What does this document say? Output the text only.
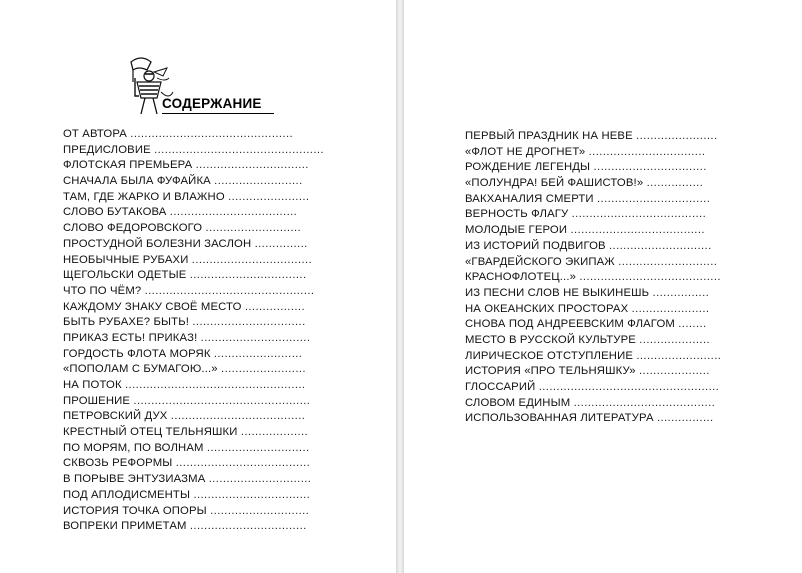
СОДЕРЖАНИЕ
ОТ АВТОРА ..............................................
ПРЕДИСЛОВИЕ ................................................
ФЛОТСКАЯ ПРЕМЬЕРА ................................
СНАЧАЛА БЫЛА ФУФАЙКА .........................
ТАМ, ГДЕ ЖАРКО И ВЛАЖНО .......................
СЛОВО БУТАКОВА ....................................
СЛОВО ФЕДОРОВСКОГО ...........................
ПРОСТУДНОЙ БОЛЕЗНИ ЗАСЛОН ...............
НЕОБЫЧНЫЕ РУБАХИ ..................................
ЩЕГОЛЬСКИ ОДЕТЫЕ .................................
ЧТО ПО ЧЁМ? ................................................
КАЖДОМУ ЗНАКУ СВОЁ МЕСТО .................
БЫТЬ РУБАХЕ? БЫТЬ! ................................
ПРИКАЗ ЕСТЬ! ПРИКАЗ! ...............................
ГОРДОСТЬ ФЛОТА МОРЯК .........................
«ПОПОЛАМ С БУМАГОЮ...» ........................
НА ПОТОК ...................................................
ПРОШЕНИЕ ..................................................
ПЕТРОВСКИЙ ДУХ ......................................
КРЕСТНЫЙ ОТЕЦ ТЕЛЬНЯШКИ ...................
ПО МОРЯМ, ПО ВОЛНАМ .............................
СКВОЗЬ РЕФОРМЫ ......................................
В ПОРЫВЕ ЭНТУЗИАЗМА .............................
ПОД АПЛОДИСМЕНТЫ .................................
ИСТОРИЯ ТОЧКА ОПОРЫ ............................
ВОПРЕКИ ПРИМЕТАМ .................................
ПЕРВЫЙ ПРАЗДНИК НА НЕВЕ .......................
«ФЛОТ НЕ ДРОГНЕТ» .................................
РОЖДЕНИЕ ЛЕГЕНДЫ ................................
«ПОЛУНДРА! БЕЙ ФАШИСТОВ!» ................
ВАКХАНАЛИЯ СМЕРТИ ................................
ВЕРНОСТЬ ФЛАГУ ......................................
МОЛОДЫЕ ГЕРОИ ......................................
ИЗ ИСТОРИЙ ПОДВИГОВ .............................
«ГВАРДЕЙСКОГО ЭКИПАЖ ............................
КРАСНОФЛОТЕЦ...» ........................................
ИЗ ПЕСНИ СЛОВ НЕ ВЫКИНЕШЬ ................
НА ОКЕАНСКИХ ПРОСТОРАХ ......................
СНОВА ПОД АНДРЕЕВСКИМ ФЛАГОМ ........
МЕСТО В РУССКОЙ КУЛЬТУРЕ ....................
ЛИРИЧЕСКОЕ ОТСТУПЛЕНИЕ ........................
ИСТОРИЯ «ПРО ТЕЛЬНЯШКУ» ....................
ГЛОССАРИЙ ...................................................
СЛОВОМ ЕДИНЫМ ........................................
ИСПОЛЬЗОВАННАЯ ЛИТЕРАТУРА ................
